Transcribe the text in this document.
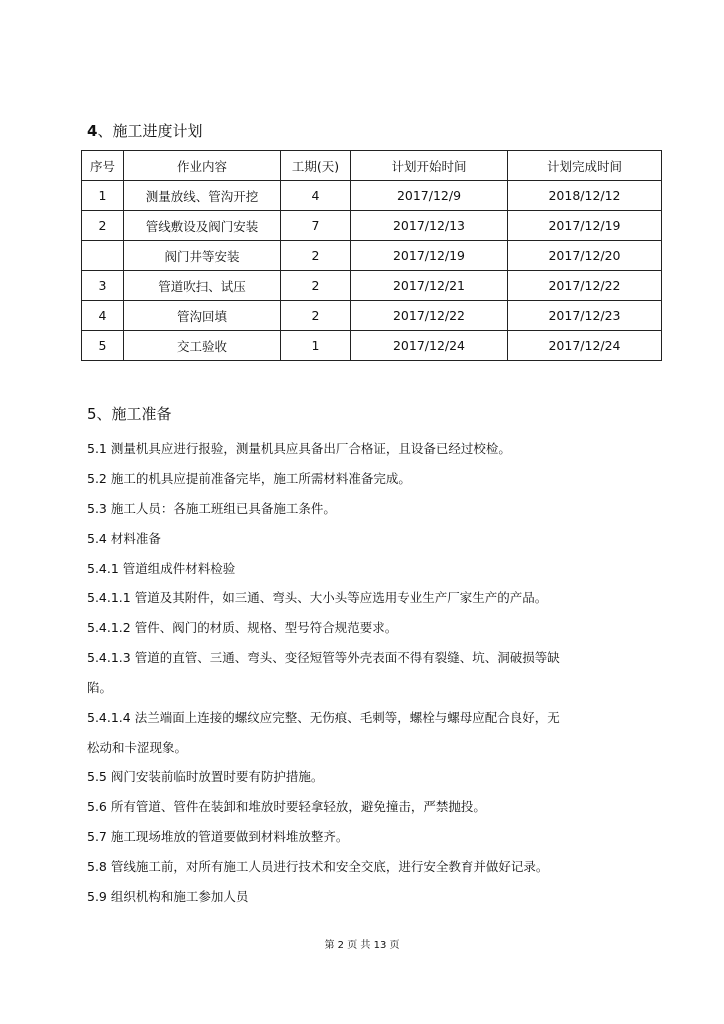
4、施工进度计划
序号	作业内容	工期(天)	计划开始时间	计划完成时间
1	测量放线、管沟开挖	4	2017/12/9	2018/12/12
2	管线敷设及阀门安装	7	2017/12/13	2017/12/19
	阀门井等安装	2	2017/12/19	2017/12/20
3	管道吹扫、试压	2	2017/12/21	2017/12/22
4	管沟回填	2	2017/12/22	2017/12/23
5	交工验收	1	2017/12/24	2017/12/24
5、施工准备
5.1 测量机具应进行报验，测量机具应具备出厂合格证，且设备已经过校检。
5.2 施工的机具应提前准备完毕，施工所需材料准备完成。
5.3 施工人员：各施工班组已具备施工条件。
5.4 材料准备
5.4.1 管道组成件材料检验
5.4.1.1 管道及其附件，如三通、弯头、大小头等应选用专业生产厂家生产的产品。
5.4.1.2 管件、阀门的材质、规格、型号符合规范要求。
5.4.1.3 管道的直管、三通、弯头、变径短管等外壳表面不得有裂缝、坑、洞破损等缺
陷。
5.4.1.4 法兰端面上连接的螺纹应完整、无伤痕、毛刺等，螺栓与螺母应配合良好，无
松动和卡涩现象。
5.5 阀门安装前临时放置时要有防护措施。
5.6 所有管道、管件在装卸和堆放时要轻拿轻放，避免撞击，严禁抛投。
5.7 施工现场堆放的管道要做到材料堆放整齐。
5.8 管线施工前，对所有施工人员进行技术和安全交底，进行安全教育并做好记录。
5.9 组织机构和施工参加人员
第 2 页 共 13 页
